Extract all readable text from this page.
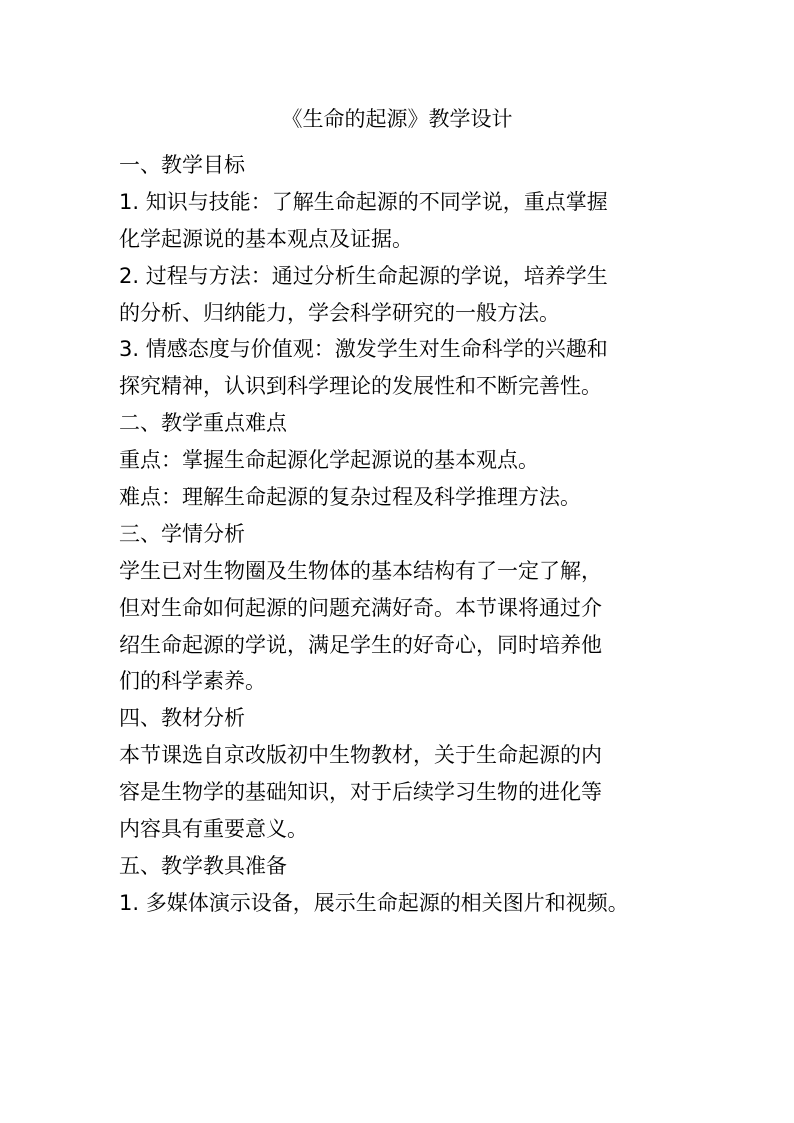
《生命的起源》教学设计
一、教学目标
1. 知识与技能：了解生命起源的不同学说，重点掌握
化学起源说的基本观点及证据。
2. 过程与方法：通过分析生命起源的学说，培养学生
的分析、归纳能力，学会科学研究的一般方法。
3. 情感态度与价值观：激发学生对生命科学的兴趣和
探究精神，认识到科学理论的发展性和不断完善性。
二、教学重点难点
重点：掌握生命起源化学起源说的基本观点。
难点：理解生命起源的复杂过程及科学推理方法。
三、学情分析
学生已对生物圈及生物体的基本结构有了一定了解，
但对生命如何起源的问题充满好奇。本节课将通过介
绍生命起源的学说，满足学生的好奇心，同时培养他
们的科学素养。
四、教材分析
本节课选自京改版初中生物教材，关于生命起源的内
容是生物学的基础知识，对于后续学习生物的进化等
内容具有重要意义。
五、教学教具准备
1. 多媒体演示设备，展示生命起源的相关图片和视频。
